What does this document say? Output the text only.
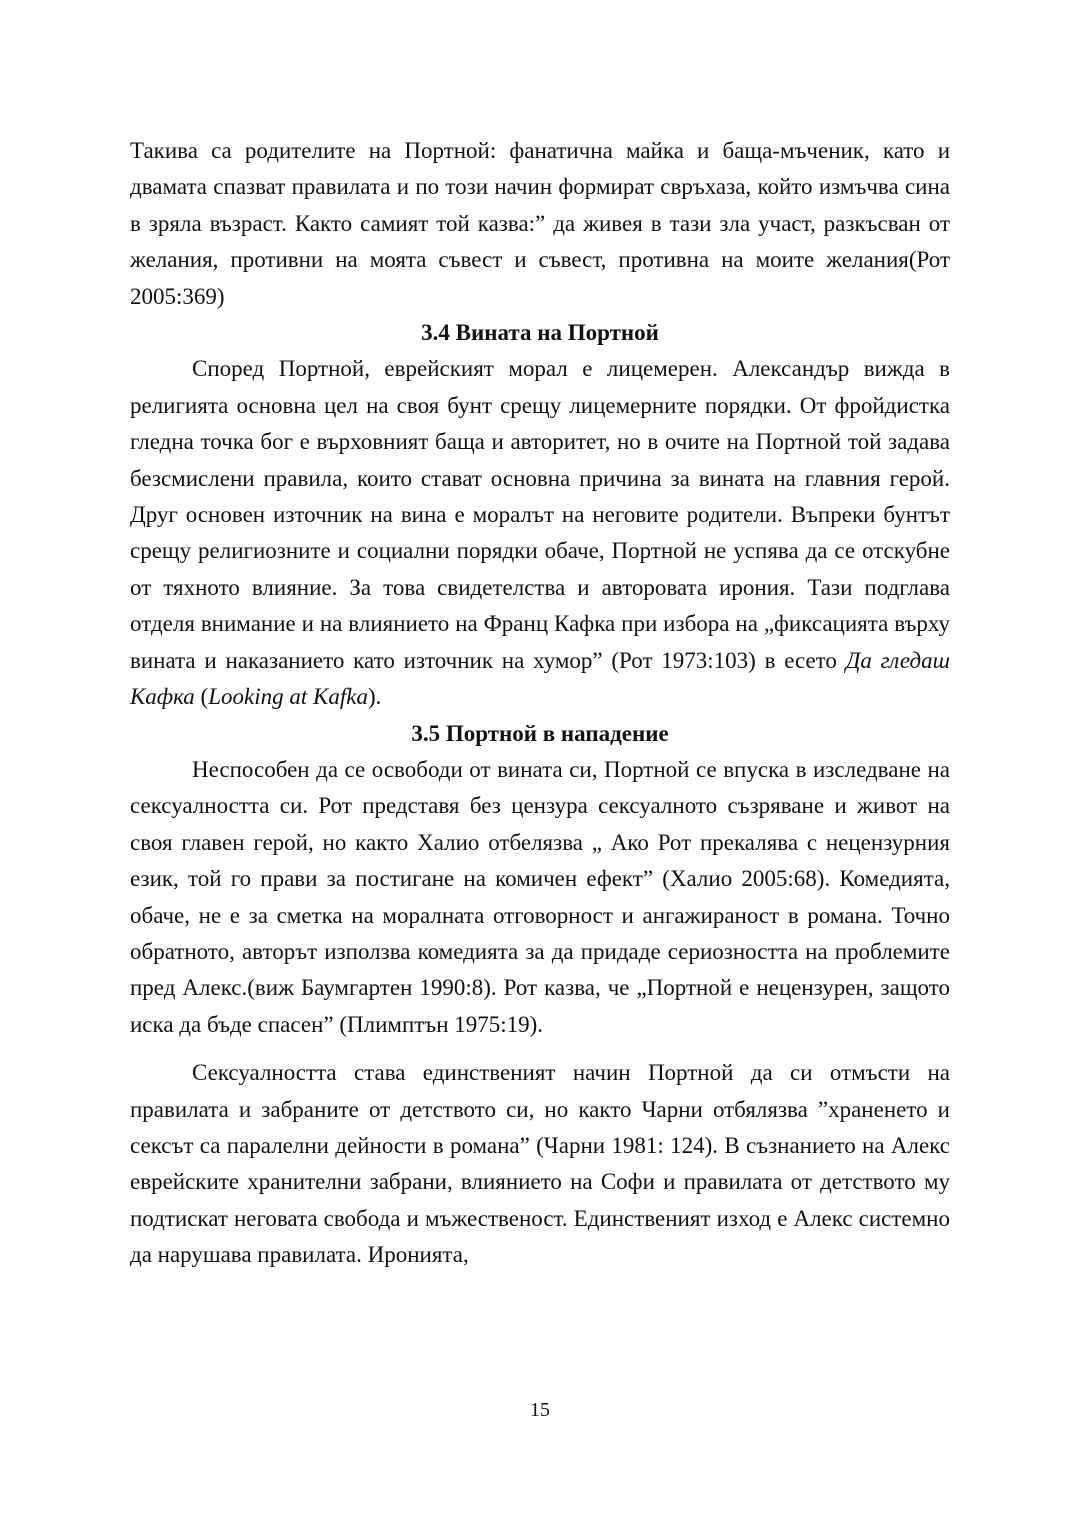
Такива са родителите на Портной: фанатична майка и баща-мъченик, като и двамата спазват правилата и по този начин формират свръхаза, който измъчва сина в зряла възраст. Както самият той казва:” да живея в тази зла участ, разкъсван от желания, противни на моята съвест и съвест, противна на моите желания(Рот 2005:369)

3.4 Вината на Портной

Според Портной, еврейският морал е лицемерен. Александър вижда в религията основна цел на своя бунт срещу лицемерните порядки. От фройдистка гледна точка бог е върховният баща и авторитет, но в очите на Портной той задава безсмислени правила, които стават основна причина за вината на главния герой. Друг основен източник на вина е моралът на неговите родители. Въпреки бунтът срещу религиозните и социални порядки обаче, Портной не успява да се отскубне от тяхното влияние. За това свидетелства и авторовата ирония. Тази подглава отделя внимание и на влиянието на Франц Кафка при избора на „фиксацията върху вината и наказанието като източник на хумор” (Рот 1973:103) в есето Да гледаш Кафка (Looking at Kafka).

3.5 Портной в нападение

Неспособен да се освободи от вината си, Портной се впуска в изследване на сексуалността си. Рот представя без цензура сексуалното съзряване и живот на своя главен герой, но както Халио отбелязва „ Ако Рот прекалява с нецензурния език, той го прави за постигане на комичен ефект” (Халио 2005:68). Комедията, обаче, не е за сметка на моралната отговорност и ангажираност в романа. Точно обратното, авторът използва комедията за да придаде сериозността на проблемите пред Алекс.(виж Баумгартен 1990:8). Рот казва, че „Портной е нецензурен, защото иска да бъде спасен” (Плимптън 1975:19).

Сексуалността става единственият начин Портной да си отмъсти на правилата и забраните от детството си, но както Чарни отбялязва ”храненето и сексът са паралелни дейности в романа” (Чарни 1981: 124). В съзнанието на Алекс еврейските хранителни забрани, влиянието на Софи и правилата от детството му подтискат неговата свобода и мъжественост. Единственият изход е Алекс системно да нарушава правилата. Иронията,

15
